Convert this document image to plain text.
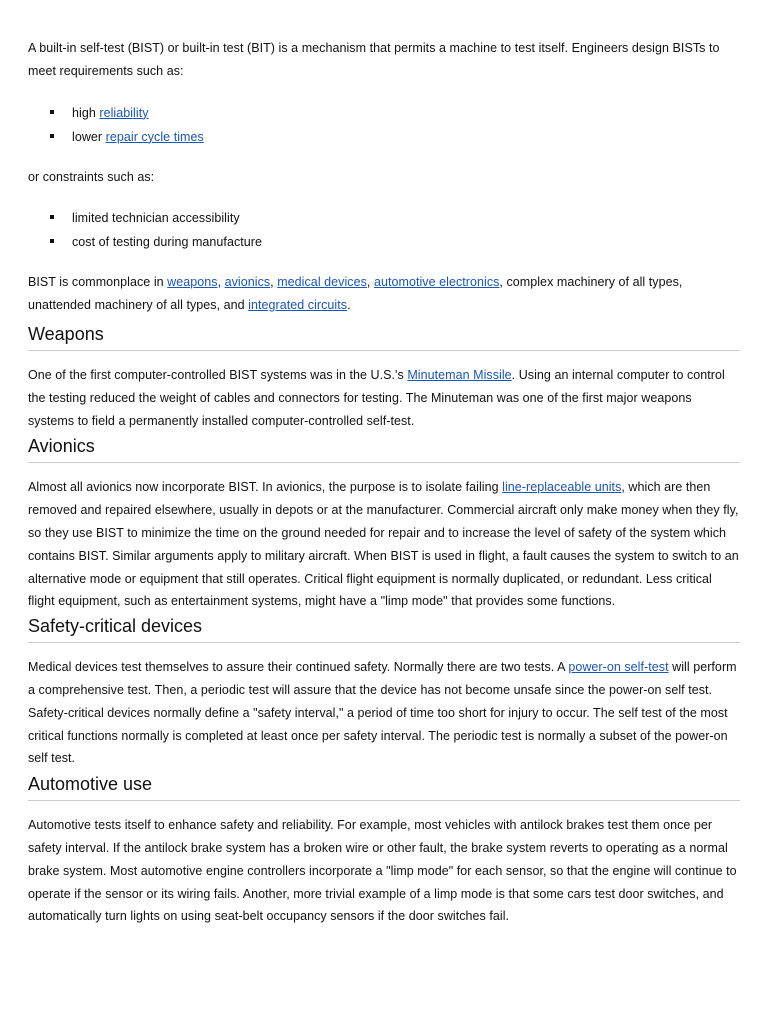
A built-in self-test (BIST) or built-in test (BIT) is a mechanism that permits a machine to test itself. Engineers design BISTs to meet requirements such as:

high reliability
lower repair cycle times

or constraints such as:

limited technician accessibility
cost of testing during manufacture

BIST is commonplace in weapons, avionics, medical devices, automotive electronics, complex machinery of all types, unattended machinery of all types, and integrated circuits.

Weapons

One of the first computer-controlled BIST systems was in the U.S.'s Minuteman Missile. Using an internal computer to control the testing reduced the weight of cables and connectors for testing. The Minuteman was one of the first major weapons systems to field a permanently installed computer-controlled self-test.

Avionics

Almost all avionics now incorporate BIST. In avionics, the purpose is to isolate failing line-replaceable units, which are then removed and repaired elsewhere, usually in depots or at the manufacturer. Commercial aircraft only make money when they fly, so they use BIST to minimize the time on the ground needed for repair and to increase the level of safety of the system which contains BIST. Similar arguments apply to military aircraft. When BIST is used in flight, a fault causes the system to switch to an alternative mode or equipment that still operates. Critical flight equipment is normally duplicated, or redundant. Less critical flight equipment, such as entertainment systems, might have a "limp mode" that provides some functions.

Safety-critical devices

Medical devices test themselves to assure their continued safety. Normally there are two tests. A power-on self-test will perform a comprehensive test. Then, a periodic test will assure that the device has not become unsafe since the power-on self test. Safety-critical devices normally define a "safety interval," a period of time too short for injury to occur. The self test of the most critical functions normally is completed at least once per safety interval. The periodic test is normally a subset of the power-on self test.

Automotive use

Automotive tests itself to enhance safety and reliability. For example, most vehicles with antilock brakes test them once per safety interval. If the antilock brake system has a broken wire or other fault, the brake system reverts to operating as a normal brake system. Most automotive engine controllers incorporate a "limp mode" for each sensor, so that the engine will continue to operate if the sensor or its wiring fails. Another, more trivial example of a limp mode is that some cars test door switches, and automatically turn lights on using seat-belt occupancy sensors if the door switches fail.
